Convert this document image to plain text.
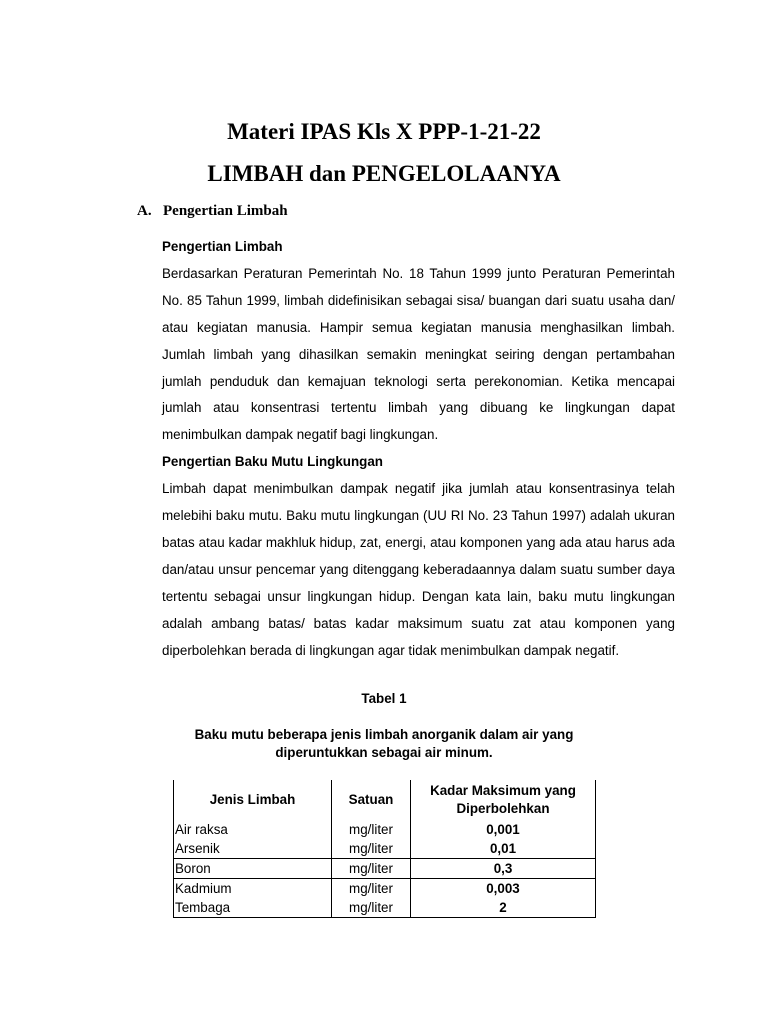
Materi IPAS Kls X PPP-1-21-22
LIMBAH dan PENGELOLAANYA
A. Pengertian Limbah
Pengertian Limbah

Berdasarkan Peraturan Pemerintah No. 18 Tahun 1999 junto Peraturan Pemerintah No. 85 Tahun 1999, limbah didefinisikan sebagai sisa/ buangan dari suatu usaha dan/ atau kegiatan manusia. Hampir semua kegiatan manusia menghasilkan limbah. Jumlah limbah yang dihasilkan semakin meningkat seiring dengan pertambahan jumlah penduduk dan kemajuan teknologi serta perekonomian. Ketika mencapai jumlah atau konsentrasi tertentu limbah yang dibuang ke lingkungan dapat menimbulkan dampak negatif bagi lingkungan.

Pengertian Baku Mutu Lingkungan

Limbah dapat menimbulkan dampak negatif jika jumlah atau konsentrasinya telah melebihi baku mutu. Baku mutu lingkungan (UU RI No. 23 Tahun 1997) adalah ukuran batas atau kadar makhluk hidup, zat, energi, atau komponen yang ada atau harus ada dan/atau unsur pencemar yang ditenggang keberadaannya dalam suatu sumber daya tertentu sebagai unsur lingkungan hidup. Dengan kata lain, baku mutu lingkungan adalah ambang batas/ batas kadar maksimum suatu zat atau komponen yang diperbolehkan berada di lingkungan agar tidak menimbulkan dampak negatif.

Tabel 1
Baku mutu beberapa jenis limbah anorganik dalam air yang diperuntukkan sebagai air minum.
Jenis Limbah	Satuan	Kadar Maksimum yang Diperbolehkan
Air raksa	mg/liter	0,001
Arsenik	mg/liter	0,01
Boron	mg/liter	0,3
Kadmium	mg/liter	0,003
Tembaga	mg/liter	2
